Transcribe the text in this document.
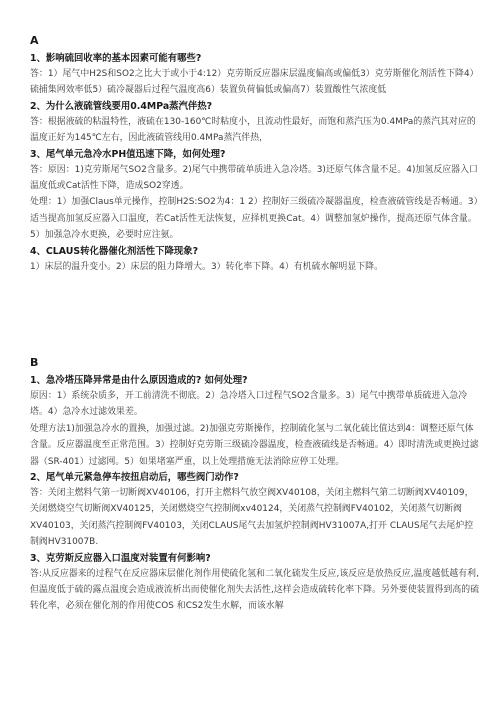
A

1、影响硫回收率的基本因素可能有哪些?

答：1）尾气中H2S和SO2之比大于或小于4:12）克劳斯反应器床层温度偏高或偏低3）克劳斯催化剂活性下降4）硫捕集网效率低5）硫冷凝器后过程气温度高6）装置负荷偏低或偏高7）装置酸性气浓度低

2、为什么液硫管线要用0.4MPa蒸汽伴热?

答：根据液硫的粘温特性，液硫在130-160℃时粘度小，且流动性最好，而饱和蒸汽压为0.4MPa的蒸汽其对应的温度正好为145℃左右，因此液硫管线用0.4MPa蒸汽伴热，

3、尾气单元急冷水PH值迅速下降，如何处理?

答：原因：1)克劳斯尾气SO2含量多。2)尾气中携带硫单质进入急冷塔。3)还原气体含量不足。4)加氢反应器入口温度低或Cat活性下降，造成SO2穿透。

处理：1）加强Claus单元操作，控制H2S:SO2为4：1 2）控制好三级硫冷凝器温度，检查液硫管线是否畅通。3）适当提高加氢反应器入口温度，若Cat活性无法恢复，应择机更换Cat。4）调整加氢炉操作，提高还原气体含量。5）加强急冷水更换，必要时应注氨。

4、CLAUS转化器催化剂活性下降现象?

1）床层的温升变小。2）床层的阻力降增大。3）转化率下降。4）有机硫水解明显下降。

B

1、急冷塔压降异常是由什么原因造成的? 如何处理?

原因：1）系统杂质多，开工前清洗不彻底。2）急冷塔入口过程气SO2含量多。3）尾气中携带单质硫进入急冷塔。4）急冷水过滤效果差。

处理方法1)加强急冷水的置换，加强过滤。2)加强克劳斯操作，控制硫化氢与二氧化硫比值达到4：调整还原气体含量。反应器温度至正常范围。3）控制好克劳斯三级硫冷器温度，检查液硫线是否畅通。4）即时清洗或更换过滤器（SR-401）过滤网。5）如果堵塞严重，以上处理措施无法消除应停工处理。

2、尾气单元紧急停车按扭启动后，哪些阀门动作?

答：关闭主燃料气第一切断阀XV40106，打开主燃料气放空阀XV40108，关闭主燃料气第二切断阀XV40109，关闭燃烧空气切断阀XV40125，关闭燃烧空气控制阀xv40124，关闭蒸气控制阀FV40102，关闭蒸气切断阀XV40103，关闭蒸汽控制阀FV40103，关闭CLAUS尾气去加氢炉控制阀HV31007A,打开 CLAUS尾气去尾炉控制阀HV31007B.

3、克劳斯反应器入口温度对装置有何影响?

答:从反应器来的过程气在反应器床层催化剂作用使硫化氢和二氧化硫发生反应,该反应是放热反应,温度越低越有利,但温度低于硫的露点温度会造成液流析出而使催化剂失去活性,这样会造成硫转化率下降。另外要使装置得到高的硫转化率，必须在催化剂的作用使COS 和CS2发生水解，而该水解
